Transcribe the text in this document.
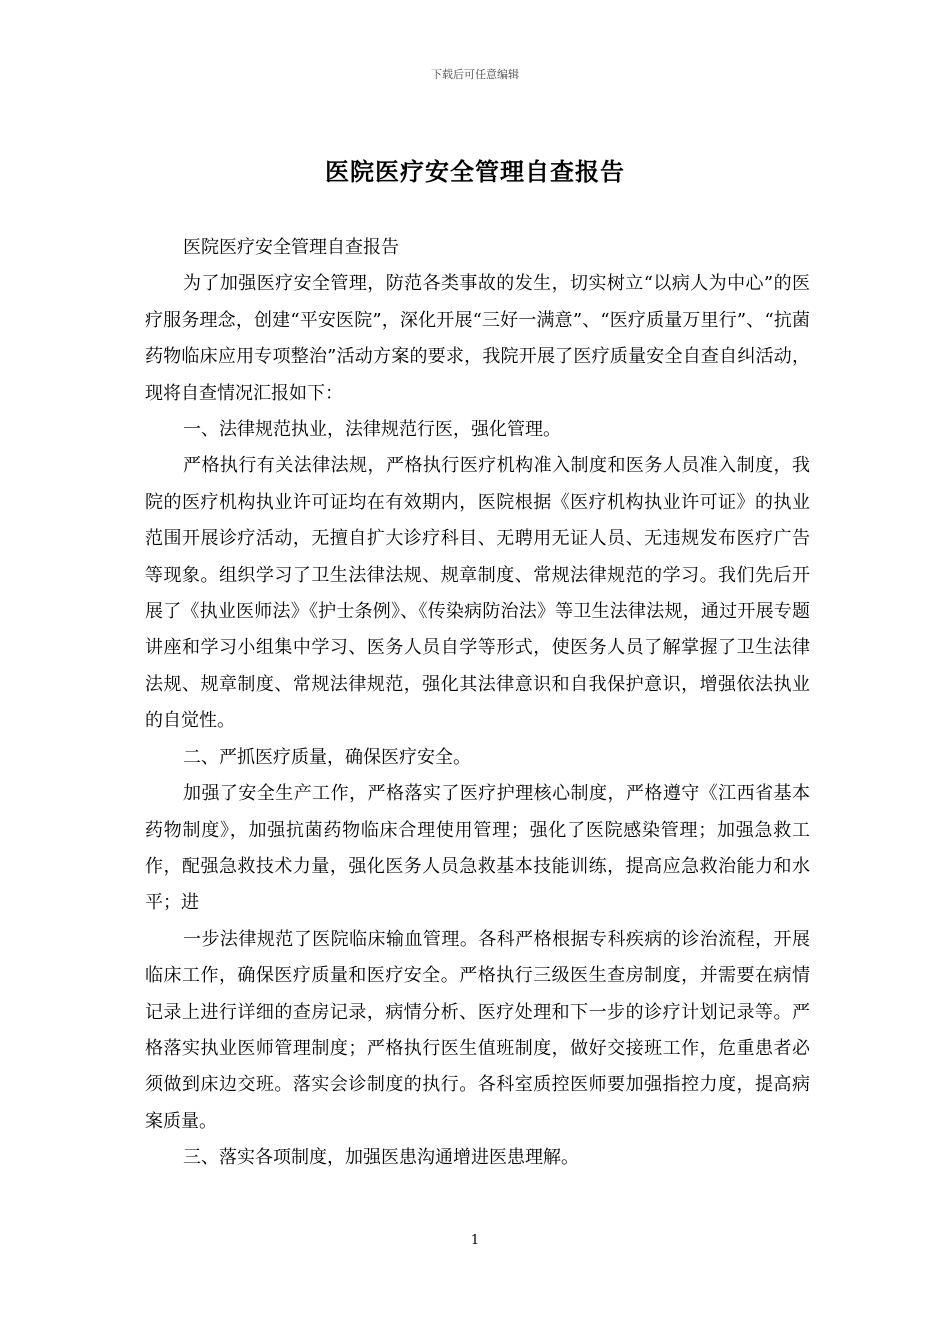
下载后可任意编辑
医院医疗安全管理自查报告

医院医疗安全管理自查报告

为了加强医疗安全管理，防范各类事故的发生，切实树立“以病人为中心”的医疗服务理念，创建“平安医院”，深化开展“三好一满意”、“医疗质量万里行”、“抗菌药物临床应用专项整治”活动方案的要求，我院开展了医疗质量安全自查自纠活动，现将自查情况汇报如下：

一、法律规范执业，法律规范行医，强化管理。

严格执行有关法律法规，严格执行医疗机构准入制度和医务人员准入制度，我院的医疗机构执业许可证均在有效期内，医院根据《医疗机构执业许可证》的执业范围开展诊疗活动，无擅自扩大诊疗科目、无聘用无证人员、无违规发布医疗广告等现象。组织学习了卫生法律法规、规章制度、常规法律规范的学习。我们先后开展了《执业医师法》《护士条例》、《传染病防治法》等卫生法律法规，通过开展专题讲座和学习小组集中学习、医务人员自学等形式，使医务人员了解掌握了卫生法律法规、规章制度、常规法律规范，强化其法律意识和自我保护意识，增强依法执业的自觉性。

二、严抓医疗质量，确保医疗安全。

加强了安全生产工作，严格落实了医疗护理核心制度，严格遵守《江西省基本药物制度》，加强抗菌药物临床合理使用管理；强化了医院感染管理；加强急救工作，配强急救技术力量，强化医务人员急救基本技能训练，提高应急救治能力和水平；进

一步法律规范了医院临床输血管理。各科严格根据专科疾病的诊治流程，开展临床工作，确保医疗质量和医疗安全。严格执行三级医生查房制度，并需要在病情记录上进行详细的查房记录，病情分析、医疗处理和下一步的诊疗计划记录等。严格落实执业医师管理制度；严格执行医生值班制度，做好交接班工作，危重患者必须做到床边交班。落实会诊制度的执行。各科室质控医师要加强指控力度，提高病案质量。

三、落实各项制度，加强医患沟通增进医患理解。

1
